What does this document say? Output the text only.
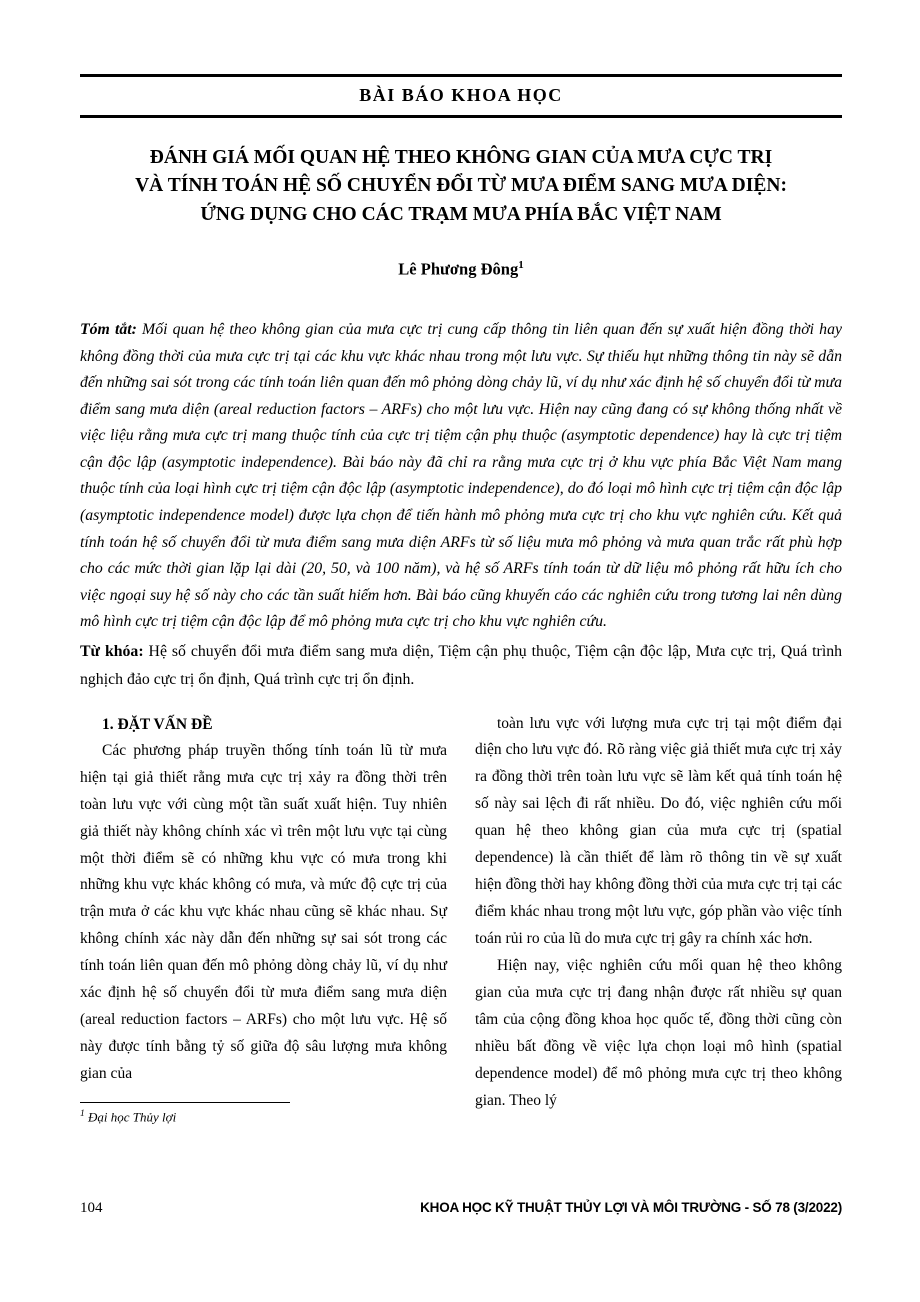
BÀI BÁO KHOA HỌC
ĐÁNH GIÁ MỐI QUAN HỆ THEO KHÔNG GIAN CỦA MƯA CỰC TRỊ
VÀ TÍNH TOÁN HỆ SỐ CHUYỂN ĐỔI TỪ MƯA ĐIỂM SANG MƯA DIỆN:
ỨNG DỤNG CHO CÁC TRẠM MƯA PHÍA BẮC VIỆT NAM
Lê Phương Đông$^1$

Tóm tắt: Mối quan hệ theo không gian của mưa cực trị cung cấp thông tin liên quan đến sự xuất hiện đồng thời hay không đồng thời của mưa cực trị tại các khu vực khác nhau trong một lưu vực. Sự thiếu hụt những thông tin này sẽ dẫn đến những sai sót trong các tính toán liên quan đến mô phỏng dòng chảy lũ, ví dụ như xác định hệ số chuyển đổi từ mưa điểm sang mưa diện (areal reduction factors – ARFs) cho một lưu vực. Hiện nay cũng đang có sự không thống nhất về việc liệu rằng mưa cực trị mang thuộc tính của cực trị tiệm cận phụ thuộc (asymptotic dependence) hay là cực trị tiệm cận độc lập (asymptotic independence). Bài báo này đã chỉ ra rằng mưa cực trị ở khu vực phía Bắc Việt Nam mang thuộc tính của loại hình cực trị tiệm cận độc lập (asymptotic independence), do đó loại mô hình cực trị tiệm cận độc lập (asymptotic independence model) được lựa chọn để tiến hành mô phỏng mưa cực trị cho khu vực nghiên cứu. Kết quả tính toán hệ số chuyển đổi từ mưa điểm sang mưa diện ARFs từ số liệu mưa mô phỏng và mưa quan trắc rất phù hợp cho các mức thời gian lặp lại dài (20, 50, và 100 năm), và hệ số ARFs tính toán từ dữ liệu mô phỏng rất hữu ích cho việc ngoại suy hệ số này cho các tần suất hiếm hơn. Bài báo cũng khuyến cáo các nghiên cứu trong tương lai nên dùng mô hình cực trị tiệm cận độc lập để mô phỏng mưa cực trị cho khu vực nghiên cứu.

Từ khóa: Hệ số chuyển đổi mưa điểm sang mưa diện, Tiệm cận phụ thuộc, Tiệm cận độc lập, Mưa cực trị, Quá trình nghịch đảo cực trị ổn định, Quá trình cực trị ổn định.

1. ĐẶT VẤN ĐỀ

Các phương pháp truyền thống tính toán lũ từ mưa hiện tại giả thiết rằng mưa cực trị xảy ra đồng thời trên toàn lưu vực với cùng một tần suất xuất hiện. Tuy nhiên giả thiết này không chính xác vì trên một lưu vực tại cùng một thời điểm sẽ có những khu vực có mưa trong khi những khu vực khác không có mưa, và mức độ cực trị của trận mưa ở các khu vực khác nhau cũng sẽ khác nhau. Sự không chính xác này dẫn đến những sự sai sót trong các tính toán liên quan đến mô phỏng dòng chảy lũ, ví dụ như xác định hệ số chuyển đổi từ mưa điểm sang mưa diện (areal reduction factors – ARFs) cho một lưu vực. Hệ số này được tính bằng tỷ số giữa độ sâu lượng mưa không gian của

$^1$ Đại học Thủy lợi

toàn lưu vực với lượng mưa cực trị tại một điểm đại diện cho lưu vực đó. Rõ ràng việc giả thiết mưa cực trị xảy ra đồng thời trên toàn lưu vực sẽ làm kết quả tính toán hệ số này sai lệch đi rất nhiều. Do đó, việc nghiên cứu mối quan hệ theo không gian của mưa cực trị (spatial dependence) là cần thiết để làm rõ thông tin về sự xuất hiện đồng thời hay không đồng thời của mưa cực trị tại các điểm khác nhau trong một lưu vực, góp phần vào việc tính toán rủi ro của lũ do mưa cực trị gây ra chính xác hơn.

Hiện nay, việc nghiên cứu mối quan hệ theo không gian của mưa cực trị đang nhận được rất nhiều sự quan tâm của cộng đồng khoa học quốc tế, đồng thời cũng còn nhiều bất đồng về việc lựa chọn loại mô hình (spatial dependence model) để mô phỏng mưa cực trị theo không gian. Theo lý

104	KHOA HỌC KỸ THUẬT THỦY LỢI VÀ MÔI TRƯỜNG - SỐ 78 (3/2022)
